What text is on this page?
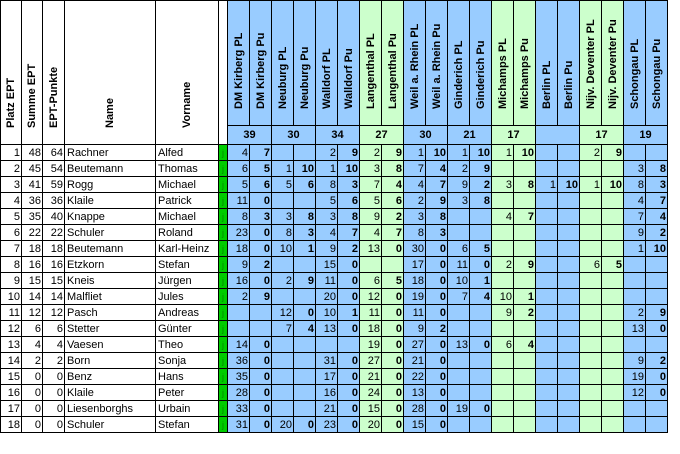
Platz EPT	Summe EPT	EPT-Punkte	Name	Vorname		DM Kirberg PL	DM Kirberg Pu	Neuburg PL	Neuburg Pu	Walldorf PL	Walldorf Pu	Langenthal PL	Langenthal Pu	Weil a. Rhein PL	Weil a. Rhein Pu	Ginderich PL	Ginderich Pu	Michamps PL	Michamps Pu	Berlin PL	Berlin Pu	Nijv. Deventer PL	Nijv. Deventer Pu	Schongau PL	Schongau Pu

						39		30		34		27		30		21		17				17		19	
1	48	64	Rachner	Alfed	j	4	7			2	9	2	9	1	10	1	10	1	10			2	9		
2	45	54	Beutemann	Thomas	j	6	5	1	10	1	10	3	8	7	4	2	9							3	8
3	41	59	Rogg	Michael	j	5	6	5	6	8	3	7	4	4	7	9	2	3	8	1	10	1	10	8	3
4	36	36	Klaile	Patrick	j	11	0			5	6	5	6	2	9	3	8							4	7
5	35	40	Knappe	Michael	j	8	3	3	8	3	8	9	2	3	8			4	7					7	4
6	22	22	Schuler	Roland	j	23	0	8	3	4	7	4	7	8	3									9	2
7	18	18	Beutemann	Karl-Heinz	j	18	0	10	1	9	2	13	0	30	0	6	5							1	10
8	16	16	Etzkorn	Stefan	j	9	2			15	0			17	0	11	0	2	9			6	5		
9	15	15	Kneis	Jürgen	j	16	0	2	9	11	0	6	5	18	0	10	1								
10	14	14	Malfliet	Jules	j	2	9			20	0	12	0	19	0	7	4	10	1						
11	12	12	Pasch	Andreas	j			12	0	10	1	11	0	11	0			9	2					2	9
12	6	6	Stetter	Günter	j			7	4	13	0	18	0	9	2									13	0
13	4	4	Vaesen	Theo	j	14	0					19	0	27	0	13	0	6	4						
14	2	2	Born	Sonja	j	36	0			31	0	27	0	21	0									9	2
15	0	0	Benz	Hans	j	35	0			17	0	21	0	22	0									19	0
16	0	0	Klaile	Peter	j	28	0			16	0	24	0	13	0									12	0
17	0	0	Liesenborghs	Urbain	j	33	0			21	0	15	0	28	0	19	0								
18	0	0	Schuler	Stefan	j	31	0	20	0	23	0	20	0	15	0										
